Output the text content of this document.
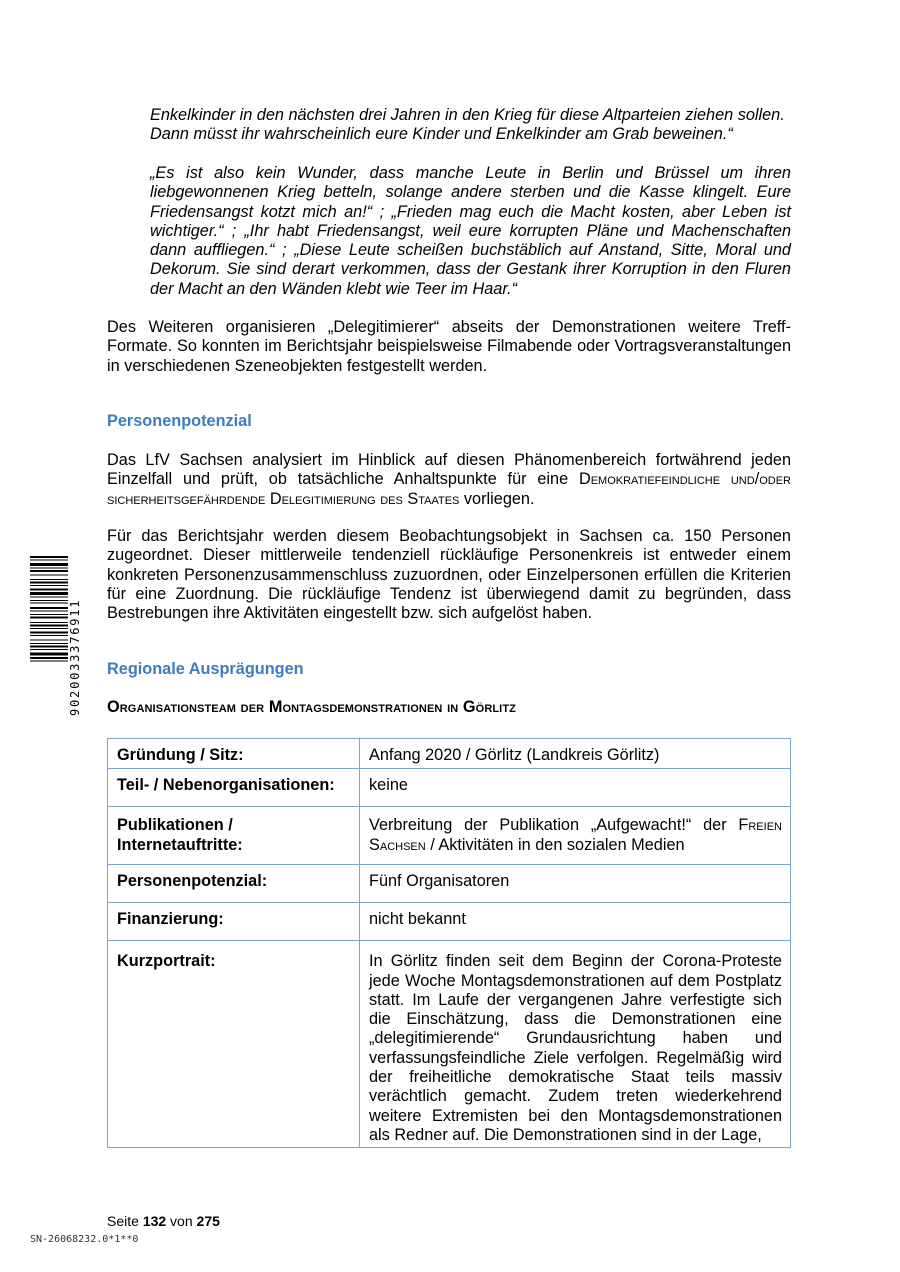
Enkelkinder in den nächsten drei Jahren in den Krieg für diese Altparteien ziehen sollen.

Dann müsst ihr wahrscheinlich eure Kinder und Enkelkinder am Grab beweinen.“

„Es ist also kein Wunder, dass manche Leute in Berlin und Brüssel um ihren liebgewonnenen Krieg betteln, solange andere sterben und die Kasse klingelt. Eure Friedensangst kotzt mich an!“ ; „Frieden mag euch die Macht kosten, aber Leben ist wichtiger.“ ; „Ihr habt Friedensangst, weil eure korrupten Pläne und Machenschaften dann auffliegen.“ ; „Diese Leute scheißen buchstäblich auf Anstand, Sitte, Moral und Dekorum. Sie sind derart verkommen, dass der Gestank ihrer Korruption in den Fluren der Macht an den Wänden klebt wie Teer im Haar.“

Des Weiteren organisieren „Delegitimierer“ abseits der Demonstrationen weitere Treff-Formate. So konnten im Berichtsjahr beispielsweise Filmabende oder Vortragsveranstaltungen in verschiedenen Szeneobjekten festgestellt werden.

Personenpotenzial

Das LfV Sachsen analysiert im Hinblick auf diesen Phänomenbereich fortwährend jeden Einzelfall und prüft, ob tatsächliche Anhaltspunkte für eine Demokratiefeindliche und/oder sicherheitsgefährdende Delegitimierung des Staates vorliegen.

Für das Berichtsjahr werden diesem Beobachtungsobjekt in Sachsen ca. 150 Personen zugeordnet. Dieser mittlerweile tendenziell rückläufige Personenkreis ist entweder einem konkreten Personenzusammenschluss zuzuordnen, oder Einzelpersonen erfüllen die Kriterien für eine Zuordnung. Die rückläufige Tendenz ist überwiegend damit zu begründen, dass Bestrebungen ihre Aktivitäten eingestellt bzw. sich aufgelöst haben.

Regionale Ausprägungen
Organisationsteam der Montagsdemonstrationen in Görlitz
Gründung / Sitz:	Anfang 2020 / Görlitz (Landkreis Görlitz)
Teil- / Nebenorganisationen:	keine
Publikationen /
Internetauftritte:	Verbreitung der Publikation „Aufgewacht!“ der Freien Sachsen / Aktivitäten in den sozialen Medien
Personenpotenzial:	Fünf Organisatoren
Finanzierung:	nicht bekannt
Kurzportrait:	In Görlitz finden seit dem Beginn der Corona-Proteste jede Woche Montagsdemonstrationen auf dem Postplatz statt. Im Laufe der vergangenen Jahre verfestigte sich die Einschätzung, dass die Demonstrationen eine „delegitimierende“ Grundausrichtung haben und verfassungsfeindliche Ziele verfolgen. Regelmäßig wird der freiheitliche demokratische Staat teils massiv verächtlich gemacht. Zudem treten wiederkehrend weitere Extremisten bei den Montagsdemonstrationen als Redner auf. Die Demonstrationen sind in der Lage,
9020033376911
Seite 132 von 275
SN-26068232.0*1**0
